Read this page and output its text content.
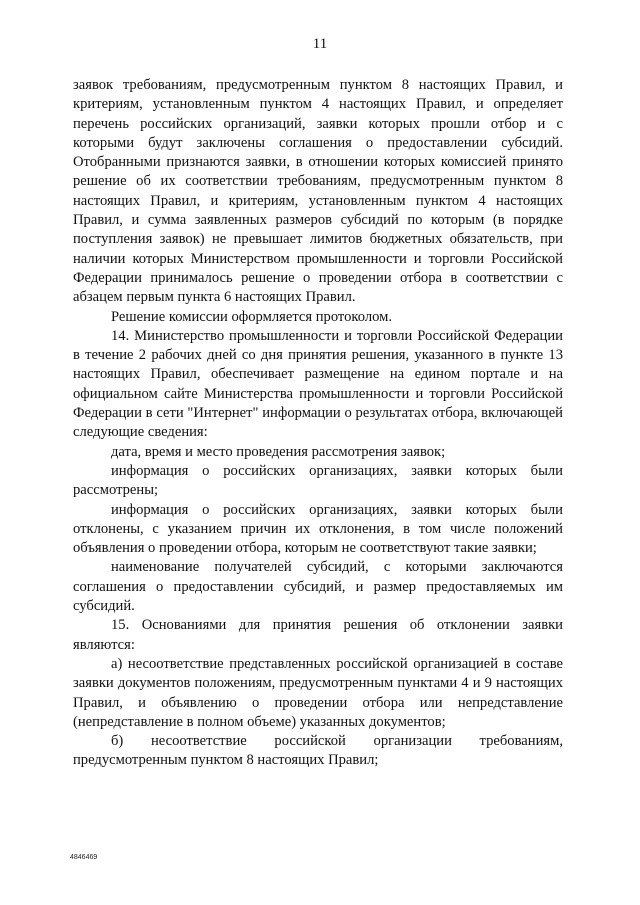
11

заявок требованиям, предусмотренным пунктом 8 настоящих Правил, и критериям, установленным пунктом 4 настоящих Правил, и определяет перечень российских организаций, заявки которых прошли отбор и с которыми будут заключены соглашения о предоставлении субсидий. Отобранными признаются заявки, в отношении которых комиссией принято решение об их соответствии требованиям, предусмотренным пунктом 8 настоящих Правил, и критериям, установленным пунктом 4 настоящих Правил, и сумма заявленных размеров субсидий по которым (в порядке поступления заявок) не превышает лимитов бюджетных обязательств, при наличии которых Министерством промышленности и торговли Российской Федерации принималось решение о проведении отбора в соответствии с абзацем первым пункта 6 настоящих Правил.

Решение комиссии оформляется протоколом.

14. Министерство промышленности и торговли Российской Федерации в течение 2 рабочих дней со дня принятия решения, указанного в пункте 13 настоящих Правил, обеспечивает размещение на едином портале и на официальном сайте Министерства промышленности и торговли Российской Федерации в сети "Интернет" информации о результатах отбора, включающей следующие сведения:

дата, время и место проведения рассмотрения заявок;

информация о российских организациях, заявки которых были рассмотрены;

информация о российских организациях, заявки которых были отклонены, с указанием причин их отклонения, в том числе положений объявления о проведении отбора, которым не соответствуют такие заявки;

наименование получателей субсидий, с которыми заключаются соглашения о предоставлении субсидий, и размер предоставляемых им субсидий.

15. Основаниями для принятия решения об отклонении заявки являются:

а) несоответствие представленных российской организацией в составе заявки документов положениям, предусмотренным пунктами 4 и 9 настоящих Правил, и объявлению о проведении отбора или непредставление (непредставление в полном объеме) указанных документов;

б) несоответствие российской организации требованиям, предусмотренным пунктом 8 настоящих Правил;

4846469
